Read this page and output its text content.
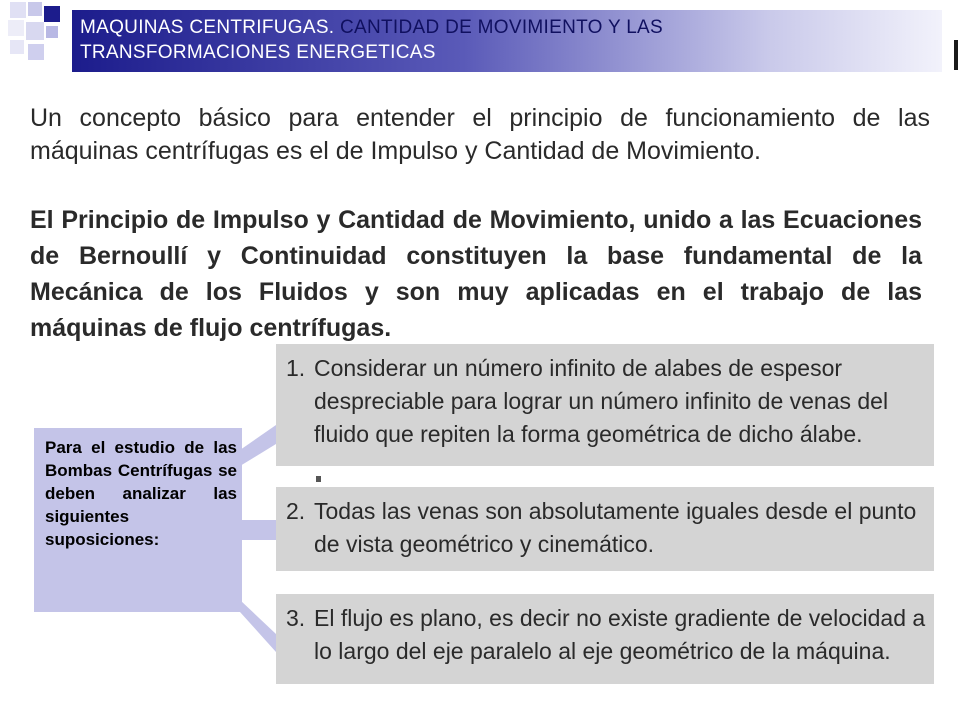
MAQUINAS CENTRIFUGAS. CANTIDAD DE MOVIMIENTO Y LAS
TRANSFORMACIONES ENERGETICAS
Un concepto básico para entender el principio de funcionamiento de las máquinas centrífugas es el de Impulso y Cantidad de Movimiento.
El Principio de Impulso y Cantidad de Movimiento, unido a las Ecuaciones de Bernoullí y Continuidad constituyen la base fundamental de la Mecánica de los Fluidos y son muy aplicadas en el trabajo de las máquinas de flujo centrífugas.
Para el estudio de las Bombas Centrífugas se deben analizar las siguientes suposiciones:
1. Considerar un número infinito de alabes de espesor despreciable para lograr un número infinito de venas del fluido que repiten la forma geométrica de dicho álabe.
2. Todas las venas son absolutamente iguales desde el punto de vista geométrico y cinemático.
3. El flujo es plano, es decir no existe gradiente de velocidad a lo largo del eje paralelo al eje geométrico de la máquina.
